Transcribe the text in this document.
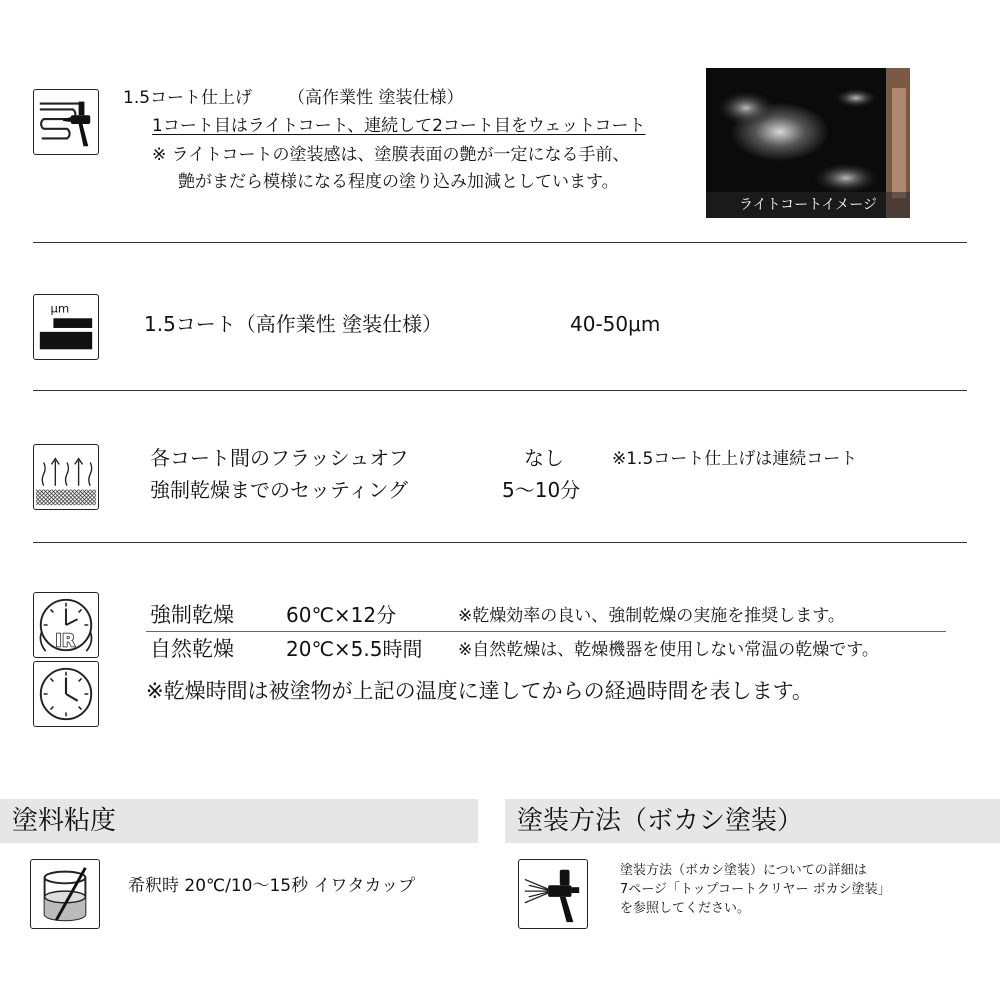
1.5コート仕上げ （高作業性 塗装仕様）
1コート目はライトコート、連続して2コート目をウェットコート
※ ライトコートの塗装感は、塗膜表面の艶が一定になる手前、
艶がまだら模様になる程度の塗り込み加減としています。
ライトコートイメージ
μm
1.5コート（高作業性 塗装仕様）	40-50μm
各コート間のフラッシュオフ	なし	※1.5コート仕上げは連続コート
強制乾燥までのセッティング	5～10分
IR
強制乾燥	60℃×12分	※乾燥効率の良い、強制乾燥の実施を推奨します。
自然乾燥	20℃×5.5時間 ※自然乾燥は、乾燥機器を使用しない常温の乾燥です。
※乾燥時間は被塗物が上記の温度に達してからの経過時間を表します。
塗料粘度
希釈時 20℃/10～15秒 イワタカップ
塗装方法（ボカシ塗装）
塗装方法（ボカシ塗装）についての詳細は
7ページ「トップコートクリヤー ボカシ塗装」
を参照してください。
